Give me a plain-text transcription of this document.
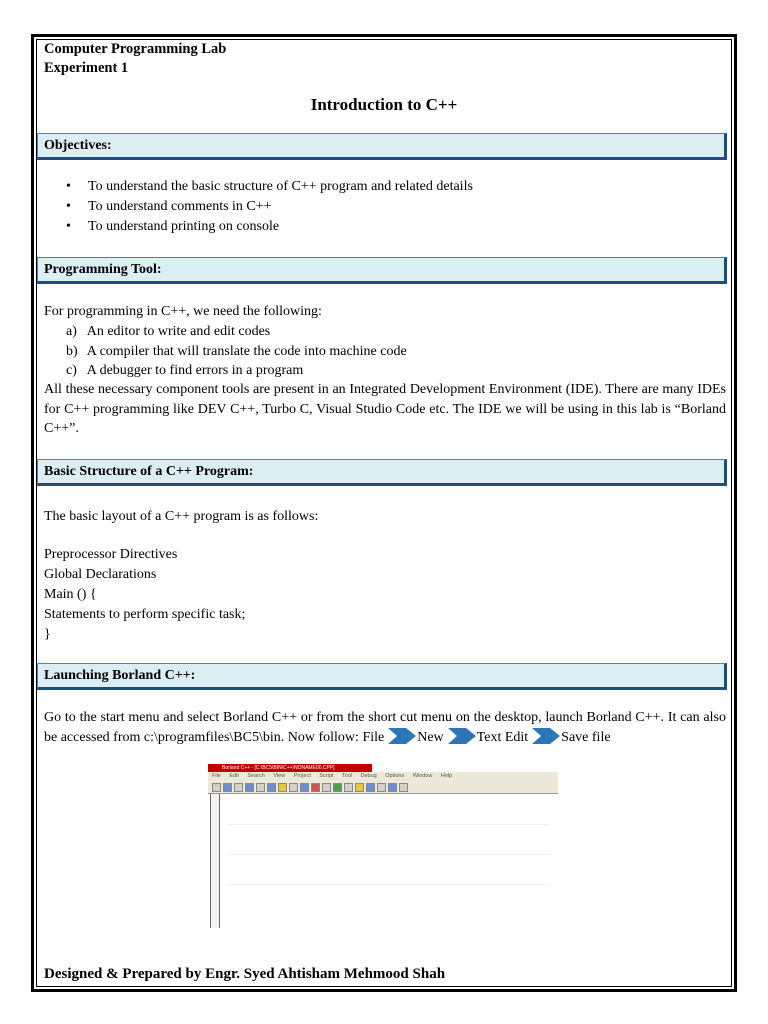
Computer Programming Lab
Experiment 1
Introduction to C++
Objectives:
• To understand the basic structure of C++ program and related details
• To understand comments in C++
• To understand printing on console
Programming Tool:
For programming in C++, we need the following:
a) An editor to write and edit codes
b) A compiler that will translate the code into machine code
c) A debugger to find errors in a program
All these necessary component tools are present in an Integrated Development Environment (IDE). There are many IDEs for C++ programming like DEV C++, Turbo C, Visual Studio Code etc. The IDE we will be using in this lab is “Borland C++”.
Basic Structure of a C++ Program:
The basic layout of a C++ program is as follows:
Preprocessor Directives
Global Declarations
Main () {
Statements to perform specific task;
}
Launching Borland C++:
Go to the start menu and select Borland C++ or from the short cut menu on the desktop, launch Borland C++. It can also be accessed from c:\programfiles\BC5\bin. Now follow: File New Text Edit Save file
Borland C++ - [C:\BC5\BIN\C++\NONAME00.CPP]
File Edit Search View Project Script Tool Debug Options Window Help
Designed & Prepared by Engr. Syed Ahtisham Mehmood Shah
